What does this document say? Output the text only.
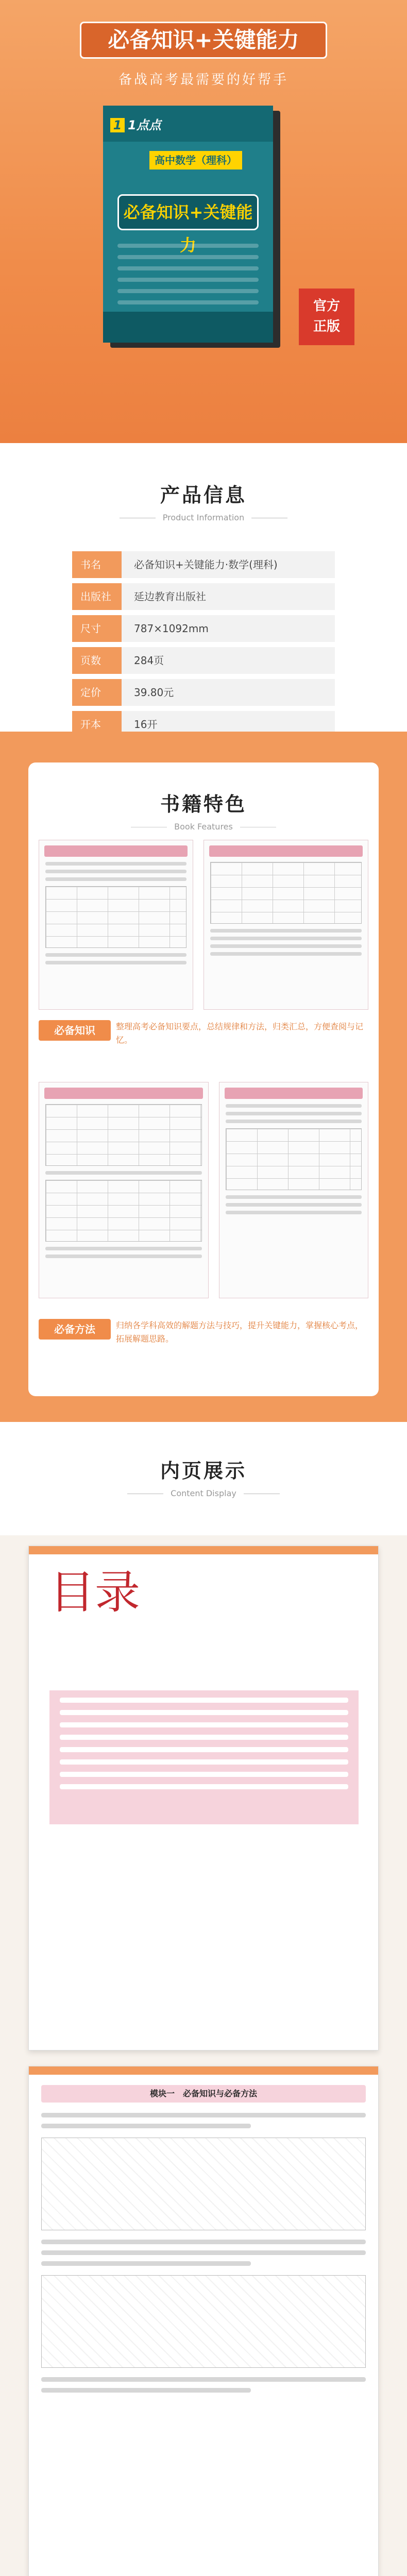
必备知识+关键能力
备战高考最需要的好帮手
1 1点点
高中数学（理科）
必备知识+关键能力
官方
正版
产品信息
Product Information
书名	必备知识+关键能力·数学(理科)
出版社	延边教育出版社
尺寸	787×1092mm
页数	284页
定价	39.80元
开本	16开
书籍特色
Book Features
必备知识	整理高考必备知识要点，总结规律和方法，归类汇总，方便查阅与记忆。
必备方法	归纳各学科高效的解题方法与技巧，提升关键能力，掌握核心考点，拓展解题思路。
内页展示
Content Display
目录
模块一　必备知识与必备方法
